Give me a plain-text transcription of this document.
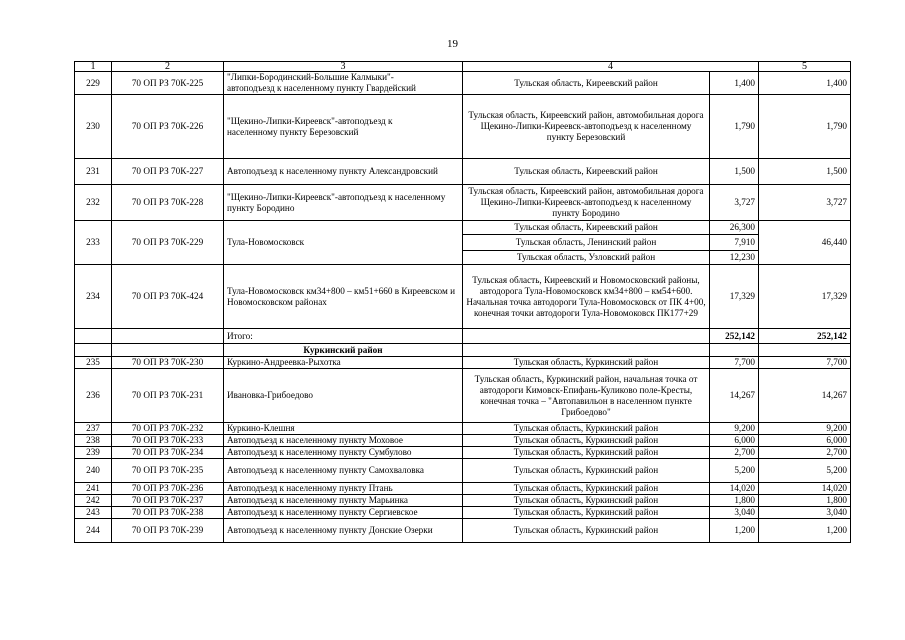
19
1	2	3	4		5
229	70 ОП РЗ 70К-225	"Липки-Бородинский-Большие Калмыки"-
автоподъезд к населенному пункту Гвардейский	Тульская область, Киреевский район	1,400	1,400
230	70 ОП РЗ 70К-226	"Щекино-Липки-Киреевск"-автоподъезд к
населенному пункту Березовский	Тульская область, Киреевский район, автомобильная дорога Щекино-Липки-Киреевск-автоподъезд к населенному пункту Березовский	1,790	1,790
231	70 ОП РЗ 70К-227	Автоподъезд к населенному пункту Александровский	Тульская область, Киреевский район	1,500	1,500
232	70 ОП РЗ 70К-228	"Щекино-Липки-Киреевск"-автоподъезд к населенному пункту Бородино	Тульская область, Киреевский район, автомобильная дорога Щекино-Липки-Киреевск-автоподъезд к населенному пункту Бородино	3,727	3,727
233	70 ОП РЗ 70К-229	Тула-Новомосковск	Тульская область, Киреевский район	26,300	46,440
			Тульская область, Ленинский район	7,910	
			Тульская область, Узловский район	12,230	
234	70 ОП РЗ 70К-424	Тула-Новомосковск км34+800 – км51+660 в Киреевском и Новомосковском районах	Тульская область, Киреевский и Новомосковский районы, автодорога Тула-Новомосковск км34+800 – км54+600. Начальная точка автодороги Тула-Новомосковск от ПК 4+00, конечная точки автодороги Тула-Новомоковск ПК177+29	17,329	17,329
		Итого:		252,142	252,142
		Куркинский район			
235	70 ОП РЗ 70К-230	Куркино-Андреевка-Рыхотка	Тульская область, Куркинский район	7,700	7,700
236	70 ОП РЗ 70К-231	Ивановка-Грибоедово	Тульская область, Куркинский район, начальная точка от автодороги Кимовск-Епифань-Куликово поле-Кресты, конечная точка – "Автопавильон в населенном пункте Грибоедово"	14,267	14,267
237	70 ОП РЗ 70К-232	Куркино-Клешня	Тульская область, Куркинский район	9,200	9,200
238	70 ОП РЗ 70К-233	Автоподъезд к населенному пункту Моховое	Тульская область, Куркинский район	6,000	6,000
239	70 ОП РЗ 70К-234	Автоподъезд к населенному пункту Сумбулово	Тульская область, Куркинский район	2,700	2,700
240	70 ОП РЗ 70К-235	Автоподъезд к населенному пункту Самохваловка	Тульская область, Куркинский район	5,200	5,200
241	70 ОП РЗ 70К-236	Автоподъезд к населенному пункту Птань	Тульская область, Куркинский район	14,020	14,020
242	70 ОП РЗ 70К-237	Автоподъезд к населенному пункту Марьинка	Тульская область, Куркинский район	1,800	1,800
243	70 ОП РЗ 70К-238	Автоподъезд к населенному пункту Сергиевское	Тульская область, Куркинский район	3,040	3,040
244	70 ОП РЗ 70К-239	Автоподъезд к населенному пункту Донские Озерки	Тульская область, Куркинский район	1,200	1,200
